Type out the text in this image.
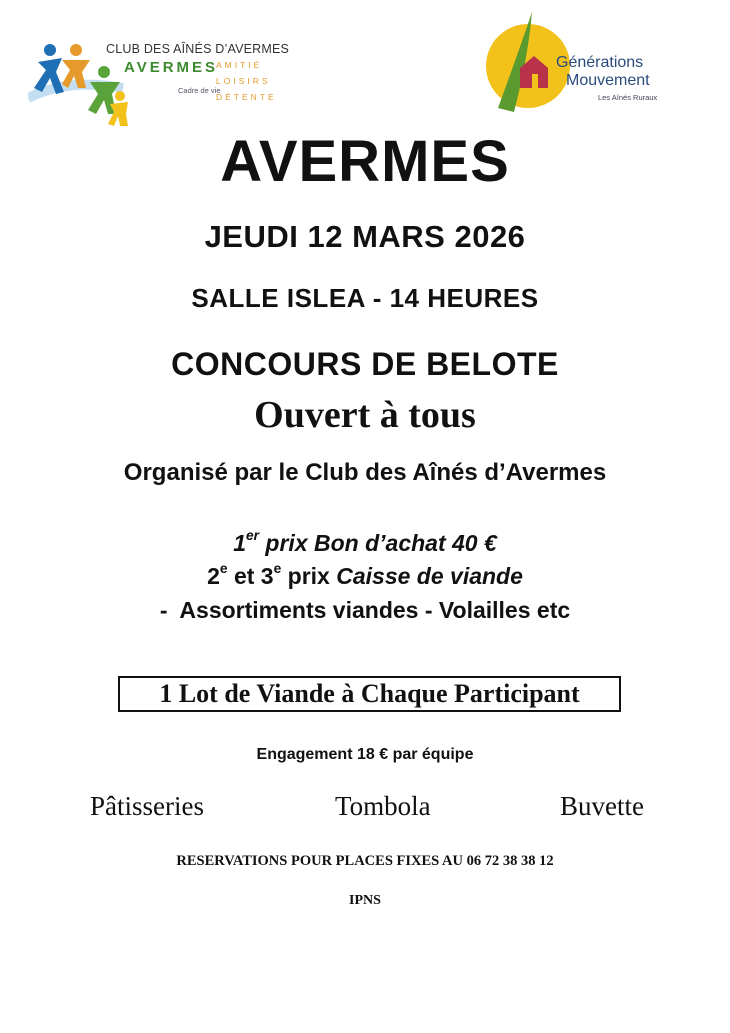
CLUB DES AÎNÉS D’AVERMES
AVERMES
Cadre de vie
AMITIÉ
LOISIRS
DÉTENTE
Générations
Mouvement
Les Aînés Ruraux
AVERMES
JEUDI 12 MARS 2026
SALLE ISLEA - 14 HEURES
CONCOURS DE BELOTE
Ouvert à tous
Organisé par le Club des Aînés d’Avermes
1er prix Bon d’achat 40 €
2e et 3e prix Caisse de viande
-  Assortiments viandes - Volailles etc
1 Lot de Viande à Chaque Participant
Engagement 18 € par équipe
Pâtisseries	Tombola	Buvette
RESERVATIONS POUR PLACES FIXES AU 06 72 38 38 12
IPNS
